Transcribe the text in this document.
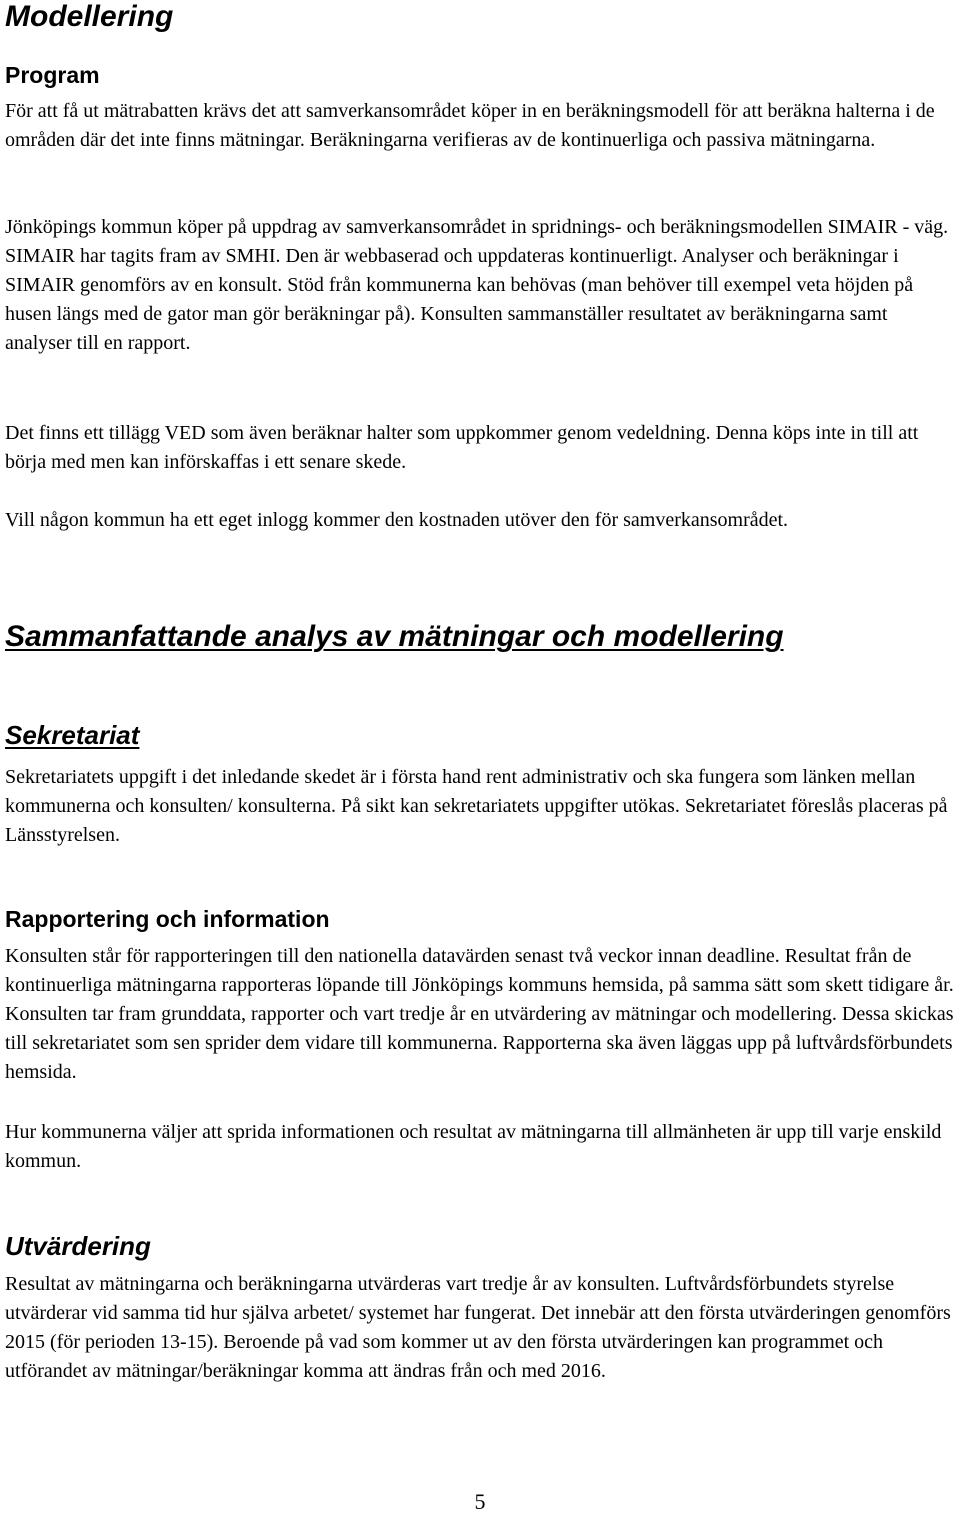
Modellering
Program

För att få ut mätrabatten krävs det att samverkansområdet köper in en beräkningsmodell för att beräkna halterna i de områden där det inte finns mätningar. Beräkningarna verifieras av de kontinuerliga och passiva mätningarna.

Jönköpings kommun köper på uppdrag av samverkansområdet in spridnings- och beräkningsmodellen SIMAIR - väg. SIMAIR har tagits fram av SMHI. Den är webbaserad och uppdateras kontinuerligt. Analyser och beräkningar i SIMAIR genomförs av en konsult. Stöd från kommunerna kan behövas (man behöver till exempel veta höjden på husen längs med de gator man gör beräkningar på). Konsulten sammanställer resultatet av beräkningarna samt analyser till en rapport.

Det finns ett tillägg VED som även beräknar halter som uppkommer genom vedeldning. Denna köps inte in till att börja med men kan införskaffas i ett senare skede.

Vill någon kommun ha ett eget inlogg kommer den kostnaden utöver den för samverkansområdet.

Sammanfattande analys av mätningar och modellering
Sekretariat

Sekretariatets uppgift i det inledande skedet är i första hand rent administrativ och ska fungera som länken mellan kommunerna och konsulten/ konsulterna. På sikt kan sekretariatets uppgifter utökas. Sekretariatet föreslås placeras på Länsstyrelsen.

Rapportering och information

Konsulten står för rapporteringen till den nationella datavärden senast två veckor innan deadline. Resultat från de kontinuerliga mätningarna rapporteras löpande till Jönköpings kommuns hemsida, på samma sätt som skett tidigare år. Konsulten tar fram grunddata, rapporter och vart tredje år en utvärdering av mätningar och modellering. Dessa skickas till sekretariatet som sen sprider dem vidare till kommunerna. Rapporterna ska även läggas upp på luftvårdsförbundets hemsida.

Hur kommunerna väljer att sprida informationen och resultat av mätningarna till allmänheten är upp till varje enskild kommun.

Utvärdering

Resultat av mätningarna och beräkningarna utvärderas vart tredje år av konsulten. Luftvårdsförbundets styrelse utvärderar vid samma tid hur själva arbetet/ systemet har fungerat. Det innebär att den första utvärderingen genomförs 2015 (för perioden 13-15). Beroende på vad som kommer ut av den första utvärderingen kan programmet och utförandet av mätningar/beräkningar komma att ändras från och med 2016.

5
